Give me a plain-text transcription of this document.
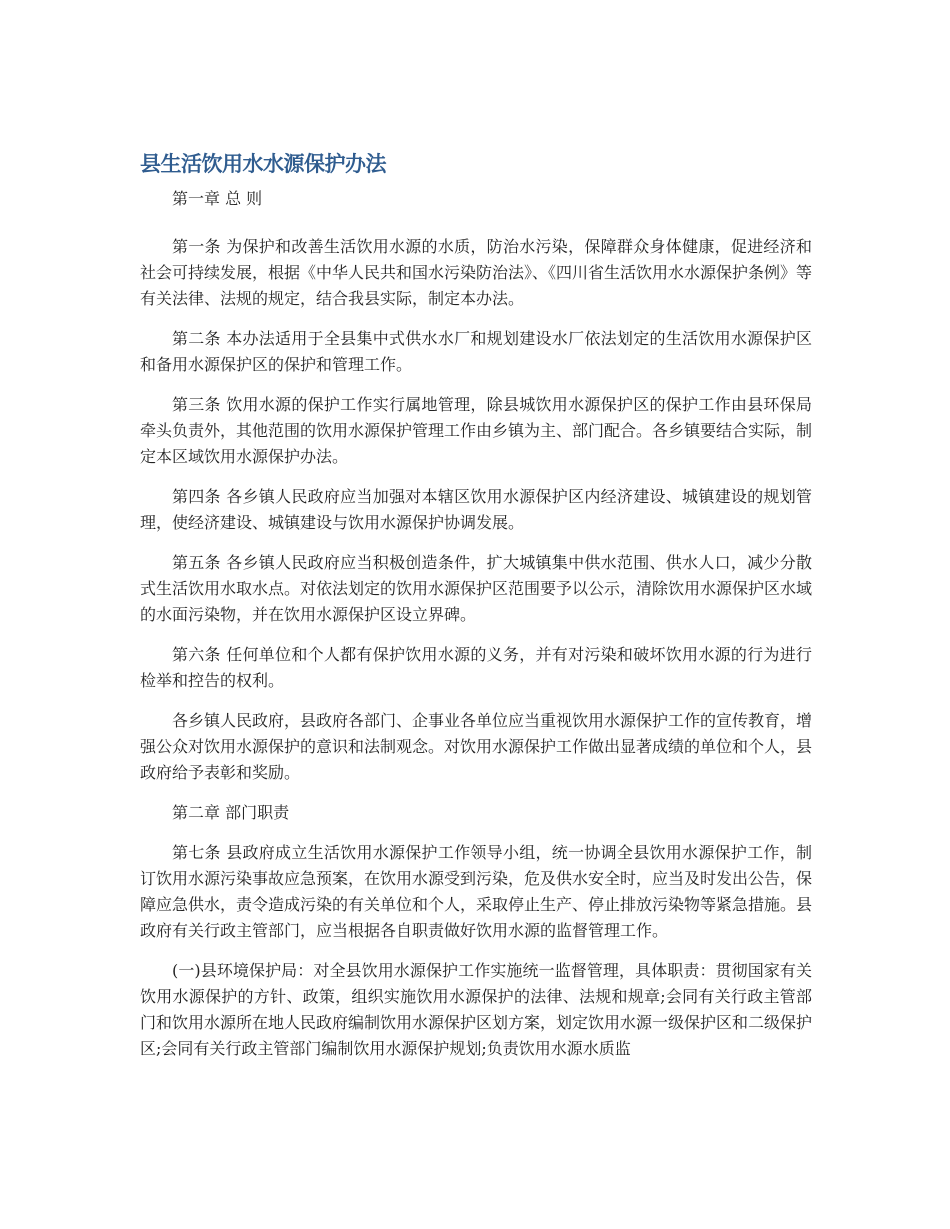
县生活饮用水水源保护办法

第一章 总 则

第一条 为保护和改善生活饮用水源的水质，防治水污染，保障群众身体健康，促进经济和社会可持续发展，根据《中华人民共和国水污染防治法》、《四川省生活饮用水水源保护条例》等有关法律、法规的规定，结合我县实际，制定本办法。

第二条 本办法适用于全县集中式供水水厂和规划建设水厂依法划定的生活饮用水源保护区和备用水源保护区的保护和管理工作。

第三条 饮用水源的保护工作实行属地管理，除县城饮用水源保护区的保护工作由县环保局牵头负责外，其他范围的饮用水源保护管理工作由乡镇为主、部门配合。各乡镇要结合实际，制定本区域饮用水源保护办法。

第四条 各乡镇人民政府应当加强对本辖区饮用水源保护区内经济建设、城镇建设的规划管理，使经济建设、城镇建设与饮用水源保护协调发展。

第五条 各乡镇人民政府应当积极创造条件，扩大城镇集中供水范围、供水人口，减少分散式生活饮用水取水点。对依法划定的饮用水源保护区范围要予以公示，清除饮用水源保护区水域的水面污染物，并在饮用水源保护区设立界碑。

第六条 任何单位和个人都有保护饮用水源的义务，并有对污染和破坏饮用水源的行为进行检举和控告的权利。

各乡镇人民政府，县政府各部门、企事业各单位应当重视饮用水源保护工作的宣传教育，增强公众对饮用水源保护的意识和法制观念。对饮用水源保护工作做出显著成绩的单位和个人，县政府给予表彰和奖励。

第二章 部门职责

第七条 县政府成立生活饮用水源保护工作领导小组，统一协调全县饮用水源保护工作，制订饮用水源污染事故应急预案，在饮用水源受到污染，危及供水安全时，应当及时发出公告，保障应急供水，责令造成污染的有关单位和个人，采取停止生产、停止排放污染物等紧急措施。县政府有关行政主管部门，应当根据各自职责做好饮用水源的监督管理工作。

(一)县环境保护局：对全县饮用水源保护工作实施统一监督管理，具体职责：贯彻国家有关饮用水源保护的方针、政策，组织实施饮用水源保护的法律、法规和规章;会同有关行政主管部门和饮用水源所在地人民政府编制饮用水源保护区划方案，划定饮用水源一级保护区和二级保护区;会同有关行政主管部门编制饮用水源保护规划;负责饮用水源水质监
